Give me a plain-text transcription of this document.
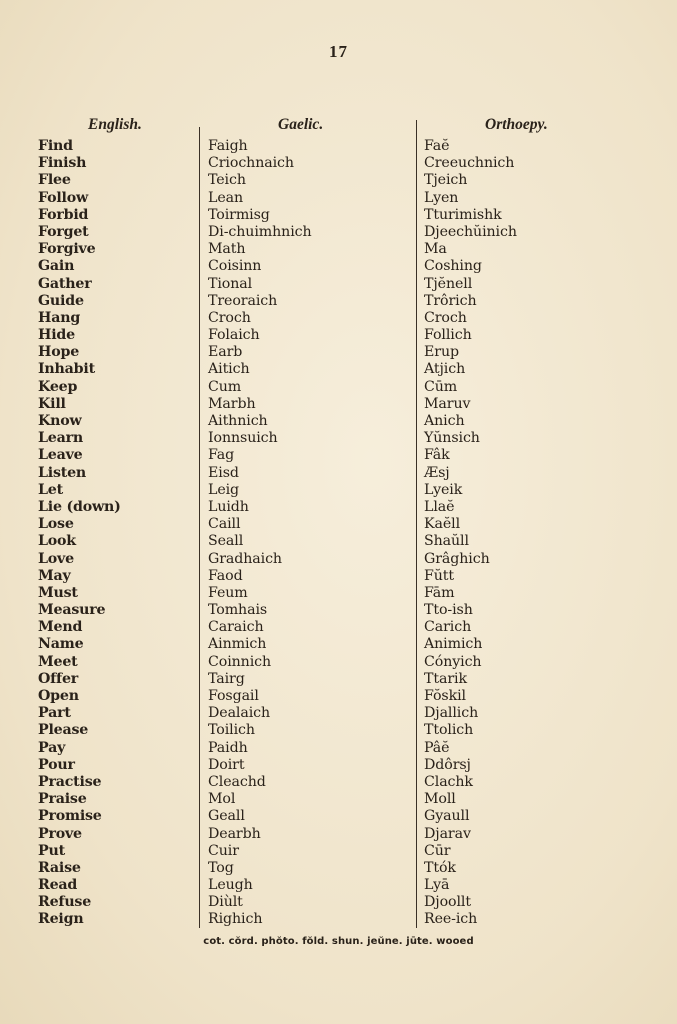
17
English.	Gaelic.	Orthoepy.
Find
Finish
Flee
Follow
Forbid
Forget
Forgive
Gain
Gather
Guide
Hang
Hide
Hope
Inhabit
Keep
Kill
Know
Learn
Leave
Listen
Let
Lie (down)
Lose
Look
Love
May
Must
Measure
Mend
Name
Meet
Offer
Open
Part
Please
Pay
Pour
Practise
Praise
Promise
Prove
Put
Raise
Read
Refuse
Reign
Faigh
Criochnaich
Teich
Lean
Toirmisg
Di-chuimhnich
Math
Coisinn
Tional
Treoraich
Croch
Folaich
Earb
Aitich
Cum
Marbh
Aithnich
Ionnsuich
Fag
Eisd
Leig
Luidh
Caill
Seall
Gradhaich
Faod
Feum
Tomhais
Caraich
Ainmich
Coinnich
Tairg
Fosgail
Dealaich
Toilich
Paidh
Doirt
Cleachd
Mol
Geall
Dearbh
Cuir
Tog
Leugh
Diùlt
Righich
Faĕ
Creeuchnich
Tjeich
Lyen
Tturimishk
Djeechŭinich
Ma
Coshing
Tjĕnell
Trôrich
Croch
Follich
Erup
Atjich
Cūm
Maruv
Anich
Yŭnsich
Fâk
Æsj
Lyeik
Llaĕ
Kaĕll
Shaŭll
Grâghich
Fŭtt
Fām
Tto-ish
Carich
Animich
Cónyich
Ttarik
Fŏskil
Djallich
Ttolich
Pâĕ
Ddôrsj
Clachk
Moll
Gyaull
Djarav
Cūr
Ttók
Lyā
Djoollt
Ree-ich
cot. cŏrd. phŏto. fŏld. shun. jeŭne. jūte. wooed
